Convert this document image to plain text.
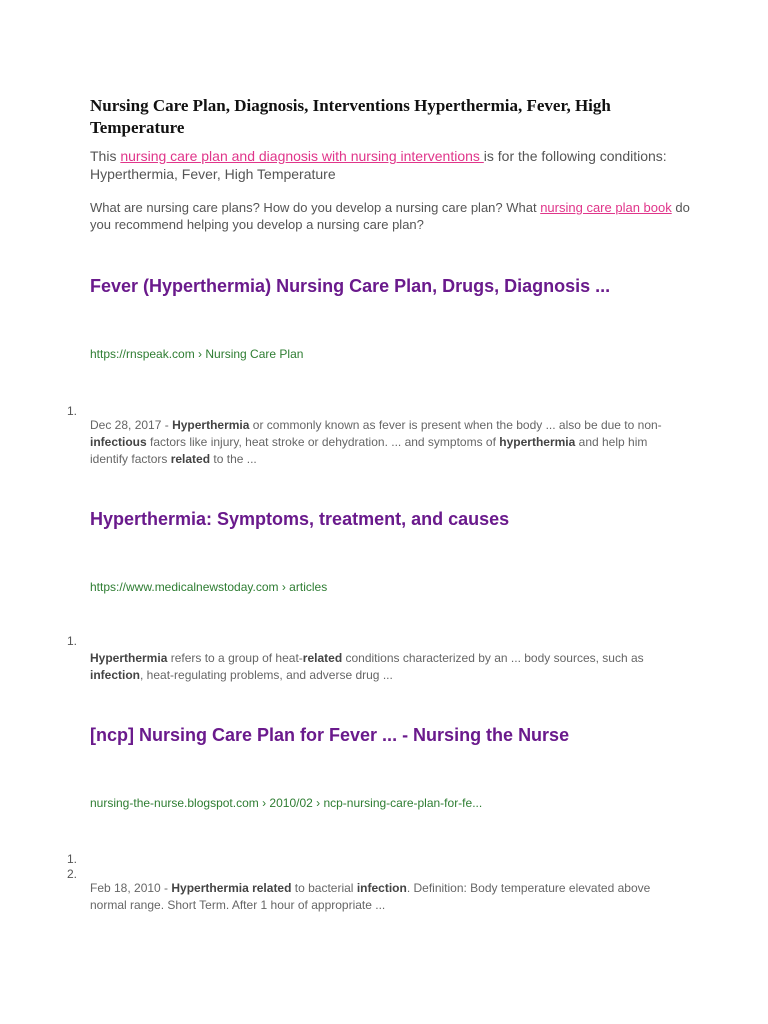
Nursing Care Plan, Diagnosis, Interventions Hyperthermia, Fever, High Temperature

This nursing care plan and diagnosis with nursing interventions is for the following conditions: Hyperthermia, Fever, High Temperature

What are nursing care plans? How do you develop a nursing care plan? What nursing care plan book do you recommend helping you develop a nursing care plan?

Fever (Hyperthermia) Nursing Care Plan, Drugs, Diagnosis ...
https://rnspeak.com › Nursing Care Plan
1.
Dec 28, 2017 - Hyperthermia or commonly known as fever is present when the body ... also be due to non- infectious factors like injury, heat stroke or dehydration. ... and symptoms of hyperthermia and help him identify factors related to the ...
Hyperthermia: Symptoms, treatment, and causes
https://www.medicalnewstoday.com › articles
1.
Hyperthermia refers to a group of heat-related conditions characterized by an ... body sources, such as infection, heat-regulating problems, and adverse drug ...
[ncp] Nursing Care Plan for Fever ... - Nursing the Nurse
nursing-the-nurse.blogspot.com › 2010/02 › ncp-nursing-care-plan-for-fe...
1.
2.
Feb 18, 2010 - Hyperthermia related to bacterial infection. Definition: Body temperature elevated above normal range. Short Term. After 1 hour of appropriate ...
